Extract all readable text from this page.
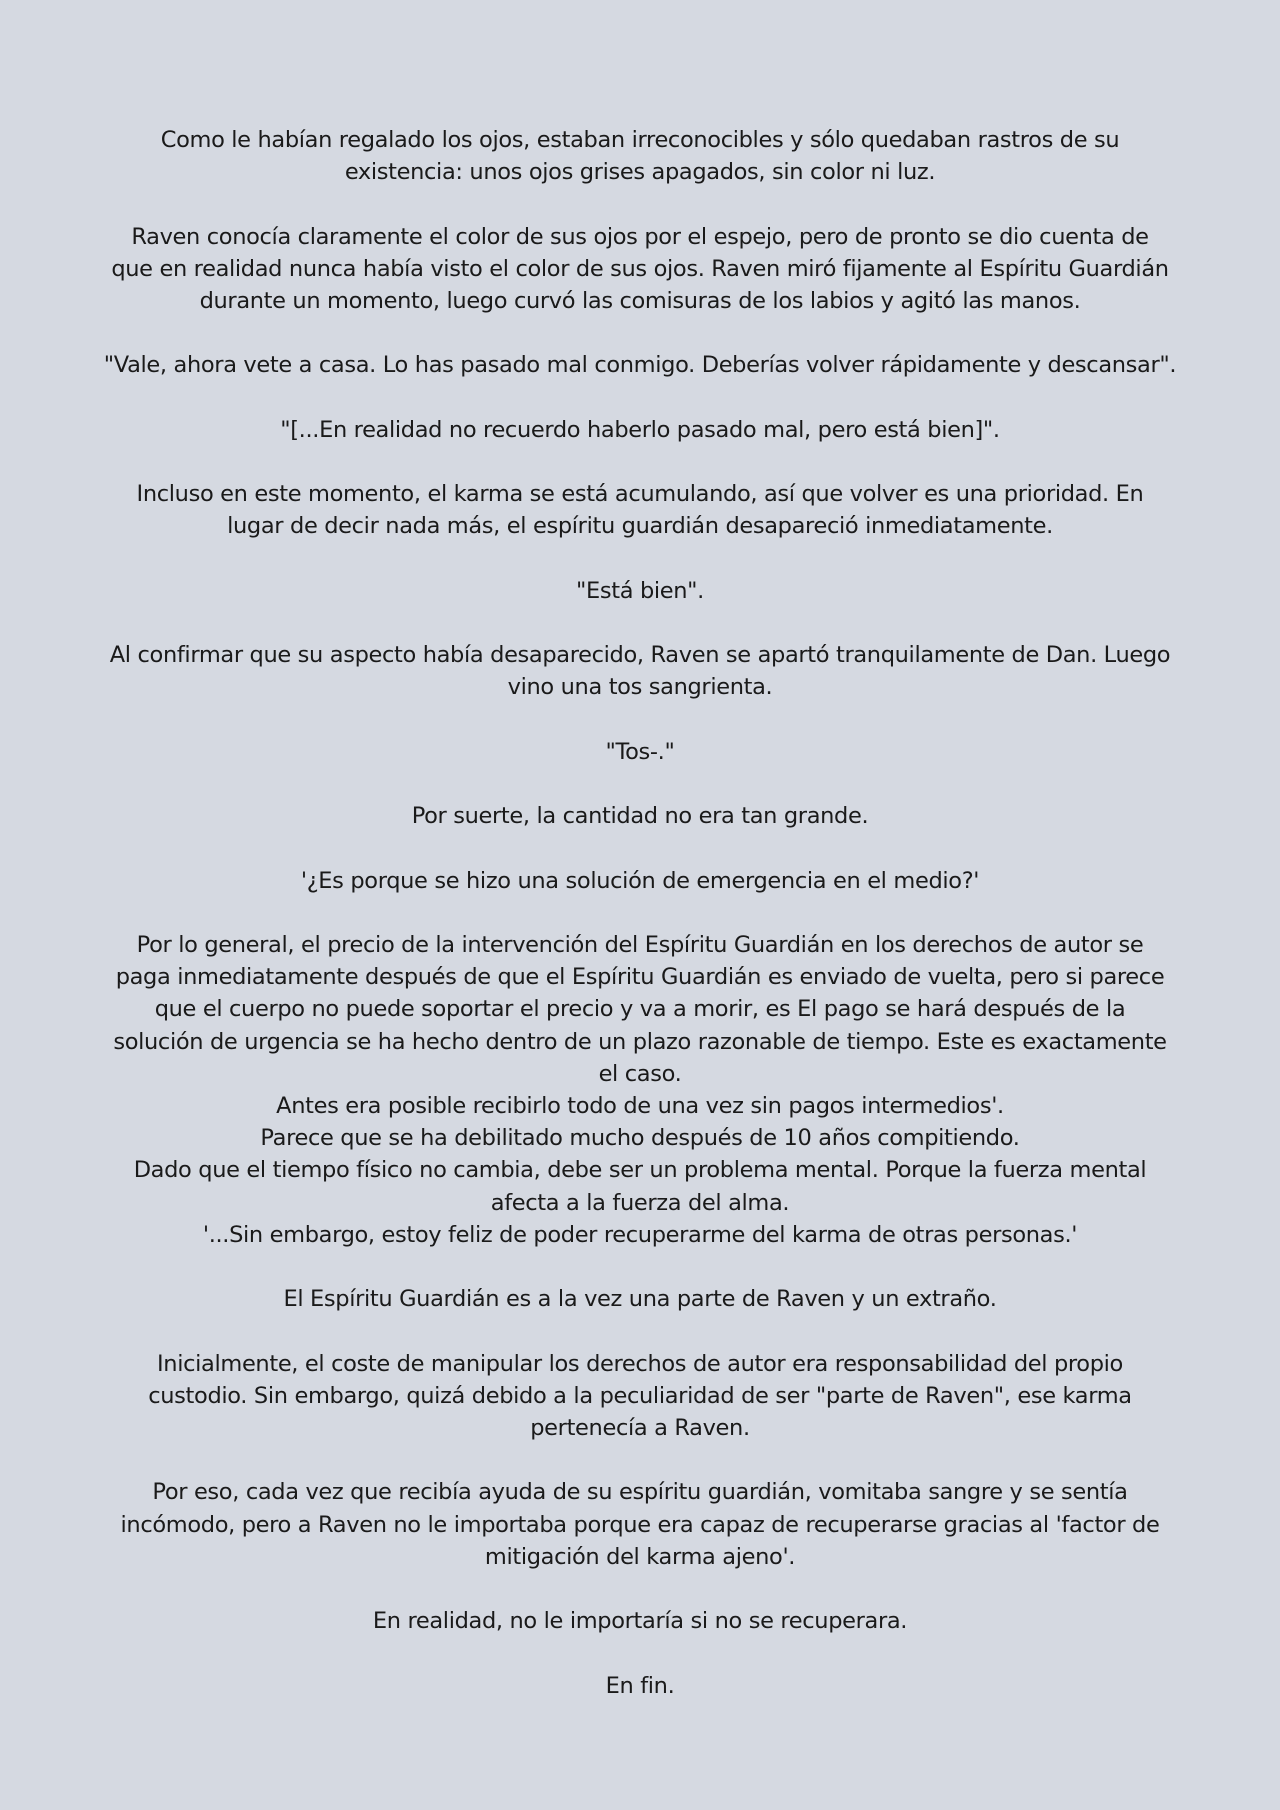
Como le habían regalado los ojos, estaban irreconocibles y sólo quedaban rastros de su
existencia: unos ojos grises apagados, sin color ni luz.
Raven conocía claramente el color de sus ojos por el espejo, pero de pronto se dio cuenta de
que en realidad nunca había visto el color de sus ojos. Raven miró fijamente al Espíritu Guardián
durante un momento, luego curvó las comisuras de los labios y agitó las manos.
"Vale, ahora vete a casa. Lo has pasado mal conmigo. Deberías volver rápidamente y descansar".
"[...En realidad no recuerdo haberlo pasado mal, pero está bien]".
Incluso en este momento, el karma se está acumulando, así que volver es una prioridad. En
lugar de decir nada más, el espíritu guardián desapareció inmediatamente.
"Está bien".
Al confirmar que su aspecto había desaparecido, Raven se apartó tranquilamente de Dan. Luego
vino una tos sangrienta.
"Tos-."
Por suerte, la cantidad no era tan grande.
'¿Es porque se hizo una solución de emergencia en el medio?'
Por lo general, el precio de la intervención del Espíritu Guardián en los derechos de autor se
paga inmediatamente después de que el Espíritu Guardián es enviado de vuelta, pero si parece
que el cuerpo no puede soportar el precio y va a morir, es El pago se hará después de la
solución de urgencia se ha hecho dentro de un plazo razonable de tiempo. Este es exactamente
el caso.
Antes era posible recibirlo todo de una vez sin pagos intermedios'.
Parece que se ha debilitado mucho después de 10 años compitiendo.
Dado que el tiempo físico no cambia, debe ser un problema mental. Porque la fuerza mental
afecta a la fuerza del alma.
'...Sin embargo, estoy feliz de poder recuperarme del karma de otras personas.'
El Espíritu Guardián es a la vez una parte de Raven y un extraño.
Inicialmente, el coste de manipular los derechos de autor era responsabilidad del propio
custodio. Sin embargo, quizá debido a la peculiaridad de ser "parte de Raven", ese karma
pertenecía a Raven.
Por eso, cada vez que recibía ayuda de su espíritu guardián, vomitaba sangre y se sentía
incómodo, pero a Raven no le importaba porque era capaz de recuperarse gracias al 'factor de
mitigación del karma ajeno'.
En realidad, no le importaría si no se recuperara.
En fin.
